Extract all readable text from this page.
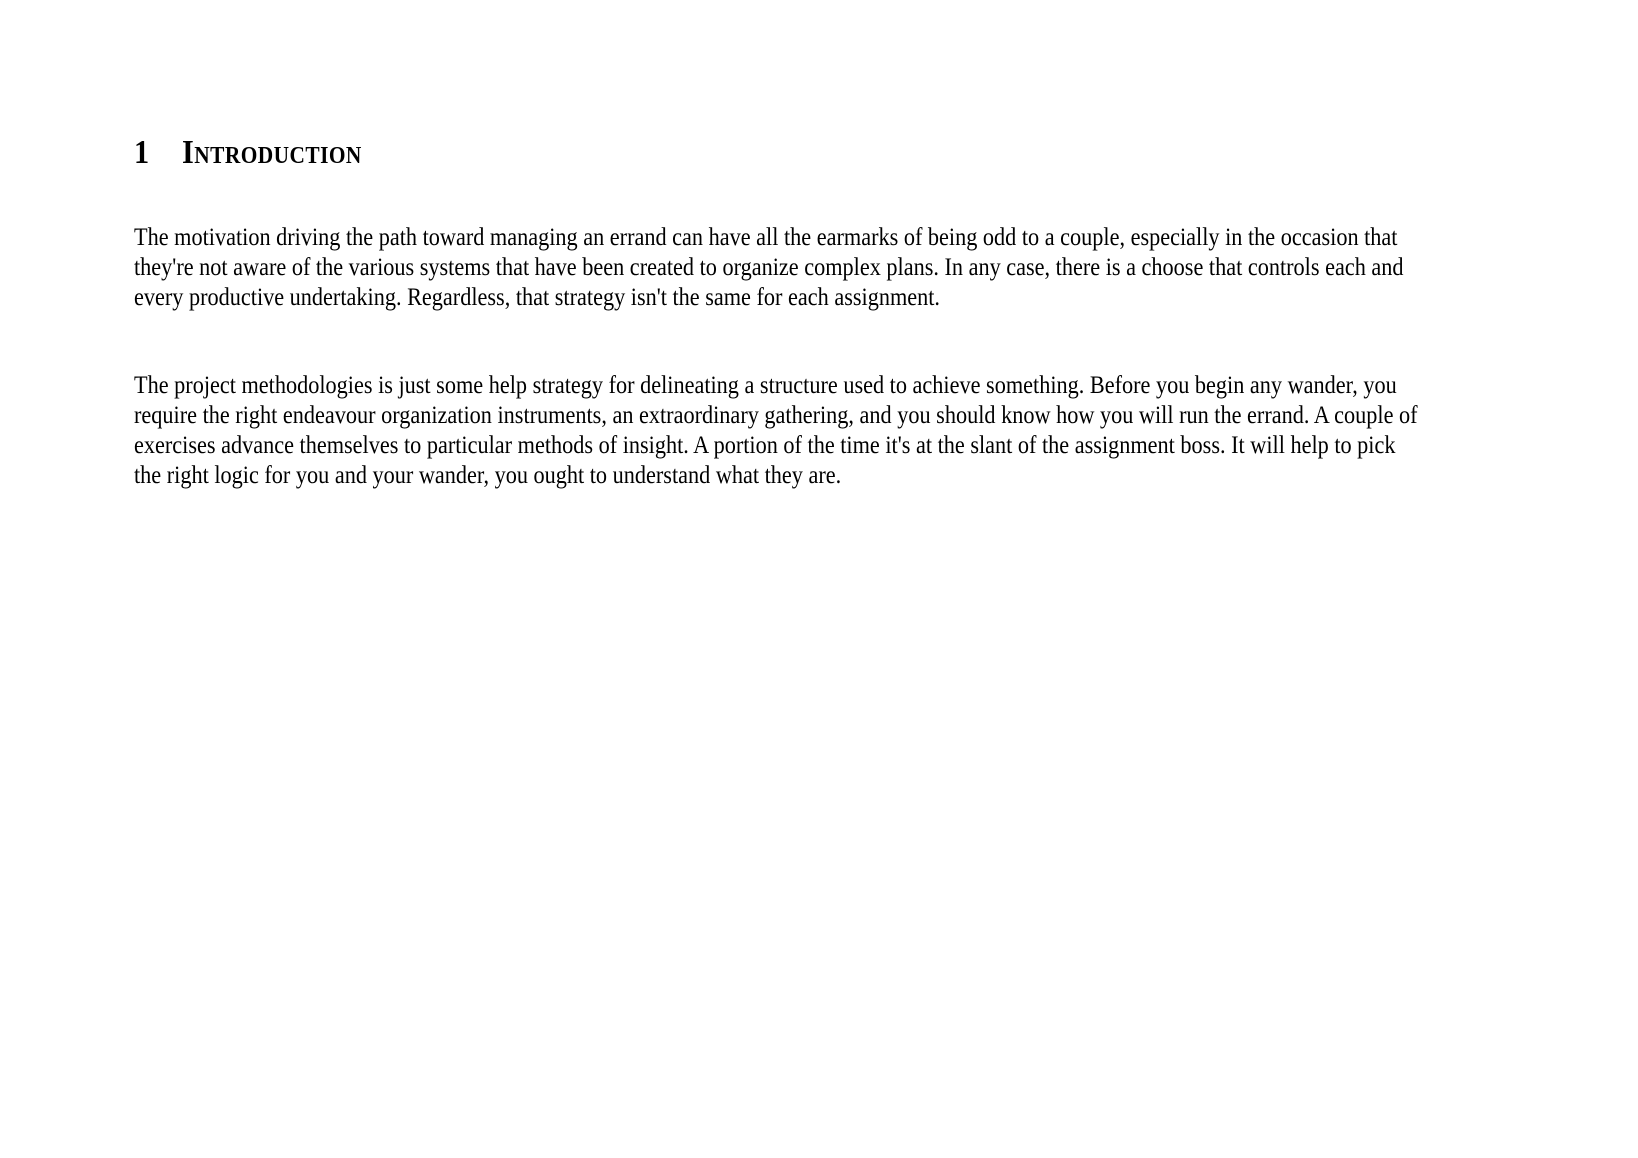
1 Introduction
The motivation driving the path toward managing an errand can have all the earmarks of being odd to a couple, especially in the occasion that
they're not aware of the various systems that have been created to organize complex plans. In any case, there is a choose that controls each and
every productive undertaking. Regardless, that strategy isn't the same for each assignment.
The project methodologies is just some help strategy for delineating a structure used to achieve something. Before you begin any wander, you
require the right endeavour organization instruments, an extraordinary gathering, and you should know how you will run the errand. A couple of
exercises advance themselves to particular methods of insight. A portion of the time it's at the slant of the assignment boss. It will help to pick
the right logic for you and your wander, you ought to understand what they are.
